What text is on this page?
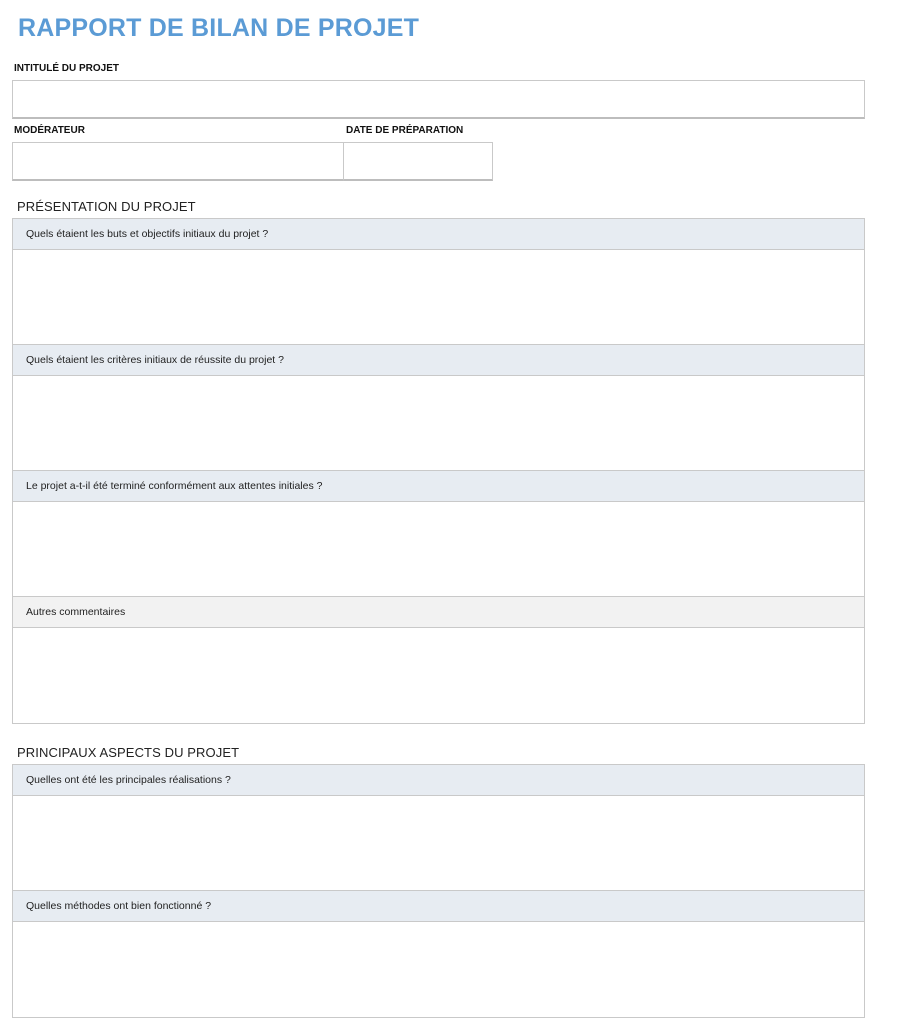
RAPPORT DE BILAN DE PROJET
INTITULÉ DU PROJET
MODÉRATEUR	DATE DE PRÉPARATION
PRÉSENTATION DU PROJET
Quels étaient les buts et objectifs initiaux du projet ?
Quels étaient les critères initiaux de réussite du projet ?
Le projet a-t-il été terminé conformément aux attentes initiales ?
Autres commentaires
PRINCIPAUX ASPECTS DU PROJET
Quelles ont été les principales réalisations ?
Quelles méthodes ont bien fonctionné ?
